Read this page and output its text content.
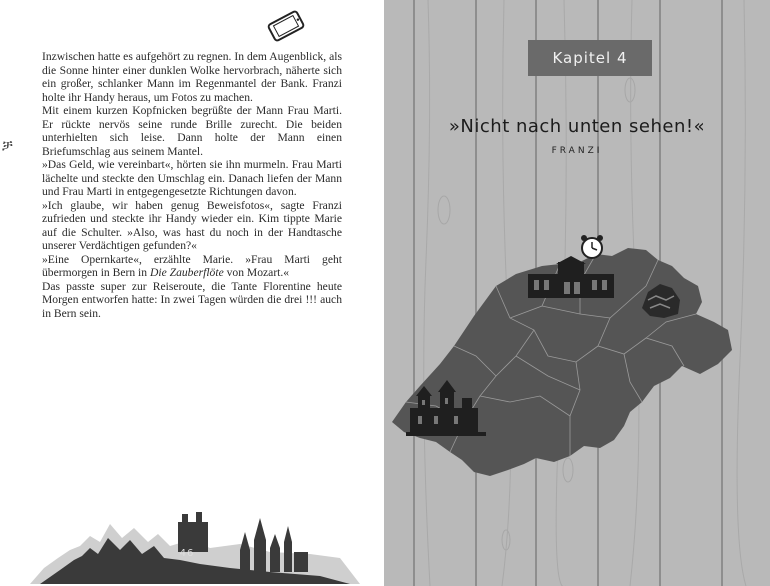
ቻ

Inzwischen hatte es aufgehört zu regnen. In dem Augenblick, als die Sonne hinter einer dunklen Wolke hervorbrach, näherte sich ein großer, schlanker Mann im Regenmantel der Bank. Franzi holte ihr Handy heraus, um Fotos zu machen.

Mit einem kurzen Kopfnicken begrüßte der Mann Frau Marti. Er rückte nervös seine runde Brille zurecht. Die beiden unterhielten sich leise. Dann holte der Mann einen Briefumschlag aus seinem Mantel.

»Das Geld, wie vereinbart«, hörten sie ihn murmeln. Frau Marti lächelte und steckte den Umschlag ein. Danach liefen der Mann und Frau Marti in entgegengesetzte Richtungen davon.

»Ich glaube, wir haben genug Beweisfotos«, sagte Franzi zufrieden und steckte ihr Handy wieder ein. Kim tippte Marie auf die Schulter. »Also, was hast du noch in der Handtasche unserer Verdächtigen gefunden?«

»Eine Opernkarte«, erzählte Marie. »Frau Marti geht übermorgen in Bern in Die Zauberflöte von Mozart.«

Das passte super zur Reiseroute, die Tante Florentine heute Morgen entworfen hatte: In zwei Tagen würden die drei !!! auch in Bern sein.

46
Kapitel 4
»Nicht nach unten sehen!«
FRANZI
